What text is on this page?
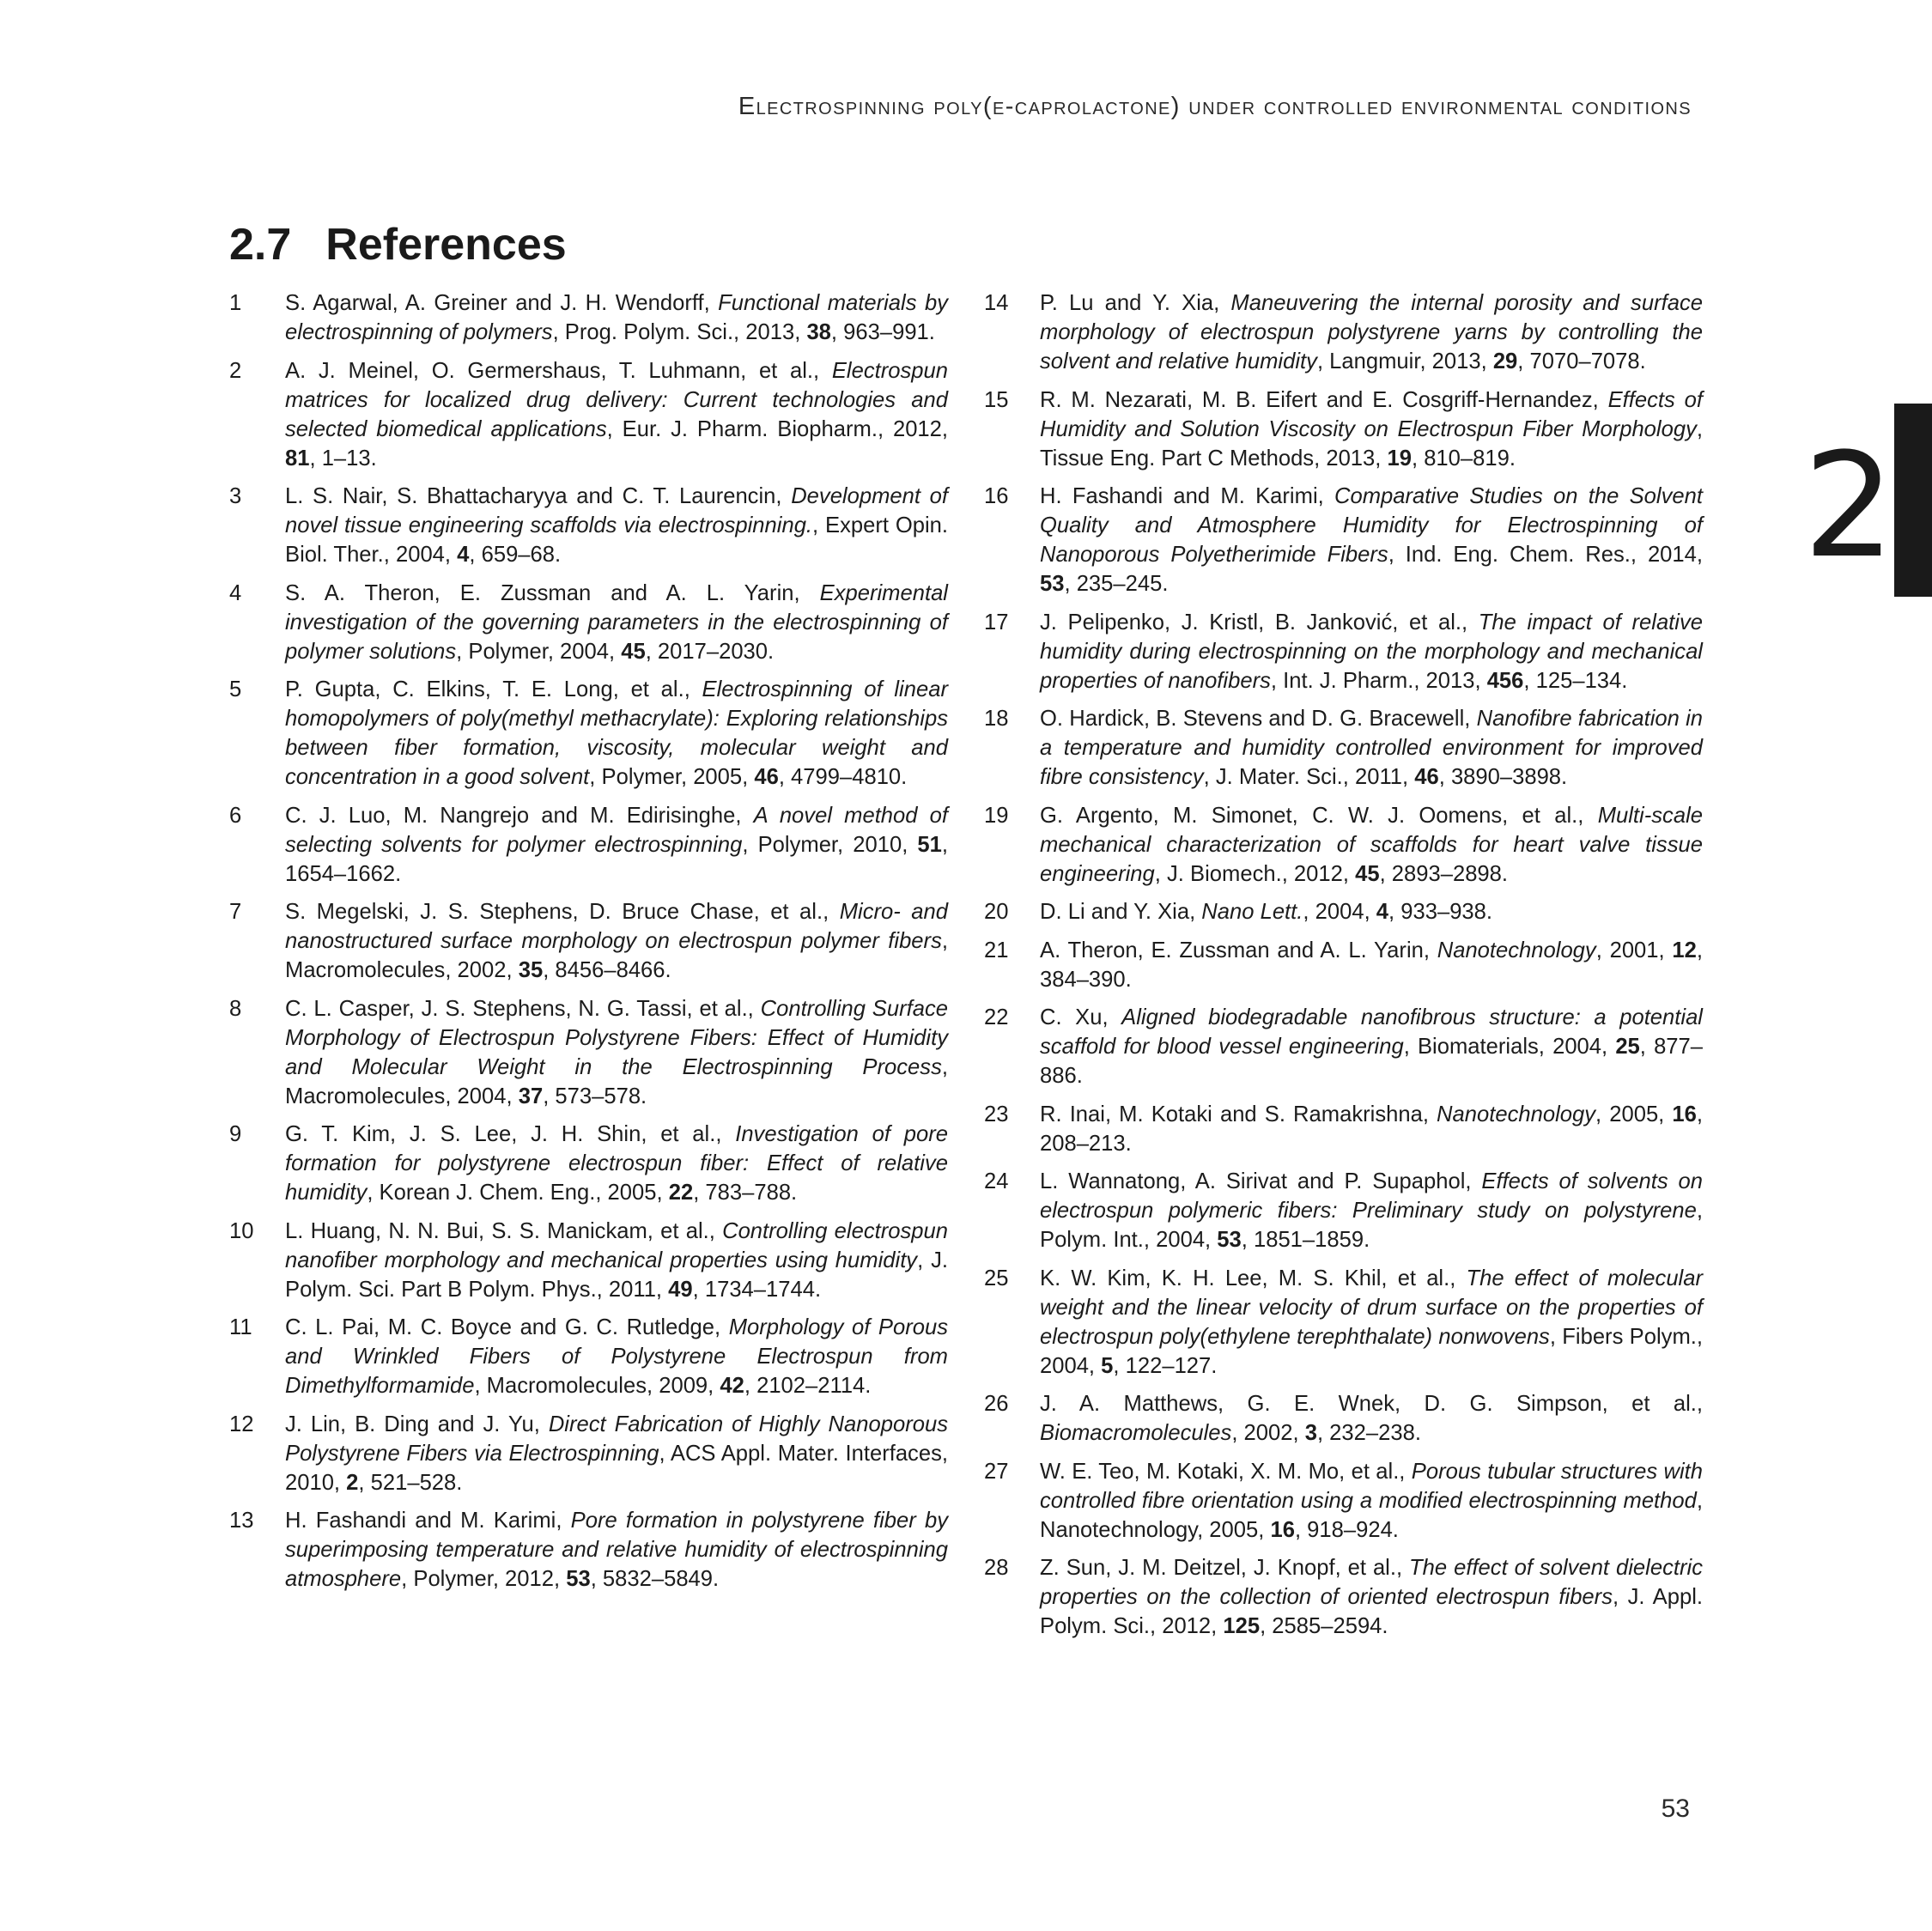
Electrospinning poly(ε-caprolactone) under controlled environmental conditions
2.7 References
1 S. Agarwal, A. Greiner and J. H. Wendorff, Functional materials by electrospinning of polymers, Prog. Polym. Sci., 2013, 38, 963–991.
2 A. J. Meinel, O. Germershaus, T. Luhmann, et al., Electrospun matrices for localized drug delivery: Current technologies and selected biomedical applications, Eur. J. Pharm. Biopharm., 2012, 81, 1–13.
3 L. S. Nair, S. Bhattacharyya and C. T. Laurencin, Development of novel tissue engineering scaffolds via electrospinning., Expert Opin. Biol. Ther., 2004, 4, 659–68.
4 S. A. Theron, E. Zussman and A. L. Yarin, Experimental investigation of the governing parameters in the electrospinning of polymer solutions, Polymer, 2004, 45, 2017–2030.
5 P. Gupta, C. Elkins, T. E. Long, et al., Electrospinning of linear homopolymers of poly(methyl methacrylate): Exploring relationships between fiber formation, viscosity, molecular weight and concentration in a good solvent, Polymer, 2005, 46, 4799–4810.
6 C. J. Luo, M. Nangrejo and M. Edirisinghe, A novel method of selecting solvents for polymer electrospinning, Polymer, 2010, 51, 1654–1662.
7 S. Megelski, J. S. Stephens, D. Bruce Chase, et al., Micro- and nanostructured surface morphology on electrospun polymer fibers, Macromolecules, 2002, 35, 8456–8466.
8 C. L. Casper, J. S. Stephens, N. G. Tassi, et al., Controlling Surface Morphology of Electrospun Polystyrene Fibers: Effect of Humidity and Molecular Weight in the Electrospinning Process, Macromolecules, 2004, 37, 573–578.
9 G. T. Kim, J. S. Lee, J. H. Shin, et al., Investigation of pore formation for polystyrene electrospun fiber: Effect of relative humidity, Korean J. Chem. Eng., 2005, 22, 783–788.
10 L. Huang, N. N. Bui, S. S. Manickam, et al., Controlling electrospun nanofiber morphology and mechanical properties using humidity, J. Polym. Sci. Part B Polym. Phys., 2011, 49, 1734–1744.
11 C. L. Pai, M. C. Boyce and G. C. Rutledge, Morphology of Porous and Wrinkled Fibers of Polystyrene Electrospun from Dimethylformamide, Macromolecules, 2009, 42, 2102–2114.
12 J. Lin, B. Ding and J. Yu, Direct Fabrication of Highly Nanoporous Polystyrene Fibers via Electrospinning, ACS Appl. Mater. Interfaces, 2010, 2, 521–528.
13 H. Fashandi and M. Karimi, Pore formation in polystyrene fiber by superimposing temperature and relative humidity of electrospinning atmosphere, Polymer, 2012, 53, 5832–5849.
14 P. Lu and Y. Xia, Maneuvering the internal porosity and surface morphology of electrospun polystyrene yarns by controlling the solvent and relative humidity, Langmuir, 2013, 29, 7070–7078.
15 R. M. Nezarati, M. B. Eifert and E. Cosgriff-Hernandez, Effects of Humidity and Solution Viscosity on Electrospun Fiber Morphology, Tissue Eng. Part C Methods, 2013, 19, 810–819.
16 H. Fashandi and M. Karimi, Comparative Studies on the Solvent Quality and Atmosphere Humidity for Electrospinning of Nanoporous Polyetherimide Fibers, Ind. Eng. Chem. Res., 2014, 53, 235–245.
17 J. Pelipenko, J. Kristl, B. Janković, et al., The impact of relative humidity during electrospinning on the morphology and mechanical properties of nanofibers, Int. J. Pharm., 2013, 456, 125–134.
18 O. Hardick, B. Stevens and D. G. Bracewell, Nanofibre fabrication in a temperature and humidity controlled environment for improved fibre consistency, J. Mater. Sci., 2011, 46, 3890–3898.
19 G. Argento, M. Simonet, C. W. J. Oomens, et al., Multi-scale mechanical characterization of scaffolds for heart valve tissue engineering, J. Biomech., 2012, 45, 2893–2898.
20 D. Li and Y. Xia, Nano Lett., 2004, 4, 933–938.
21 A. Theron, E. Zussman and A. L. Yarin, Nanotechnology, 2001, 12, 384–390.
22 C. Xu, Aligned biodegradable nanofibrous structure: a potential scaffold for blood vessel engineering, Biomaterials, 2004, 25, 877–886.
23 R. Inai, M. Kotaki and S. Ramakrishna, Nanotechnology, 2005, 16, 208–213.
24 L. Wannatong, A. Sirivat and P. Supaphol, Effects of solvents on electrospun polymeric fibers: Preliminary study on polystyrene, Polym. Int., 2004, 53, 1851–1859.
25 K. W. Kim, K. H. Lee, M. S. Khil, et al., The effect of molecular weight and the linear velocity of drum surface on the properties of electrospun poly(ethylene terephthalate) nonwovens, Fibers Polym., 2004, 5, 122–127.
26 J. A. Matthews, G. E. Wnek, D. G. Simpson, et al., Biomacromolecules, 2002, 3, 232–238.
27 W. E. Teo, M. Kotaki, X. M. Mo, et al., Porous tubular structures with controlled fibre orientation using a modified electrospinning method, Nanotechnology, 2005, 16, 918–924.
28 Z. Sun, J. M. Deitzel, J. Knopf, et al., The effect of solvent dielectric properties on the collection of oriented electrospun fibers, J. Appl. Polym. Sci., 2012, 125, 2585–2594.
2
53
